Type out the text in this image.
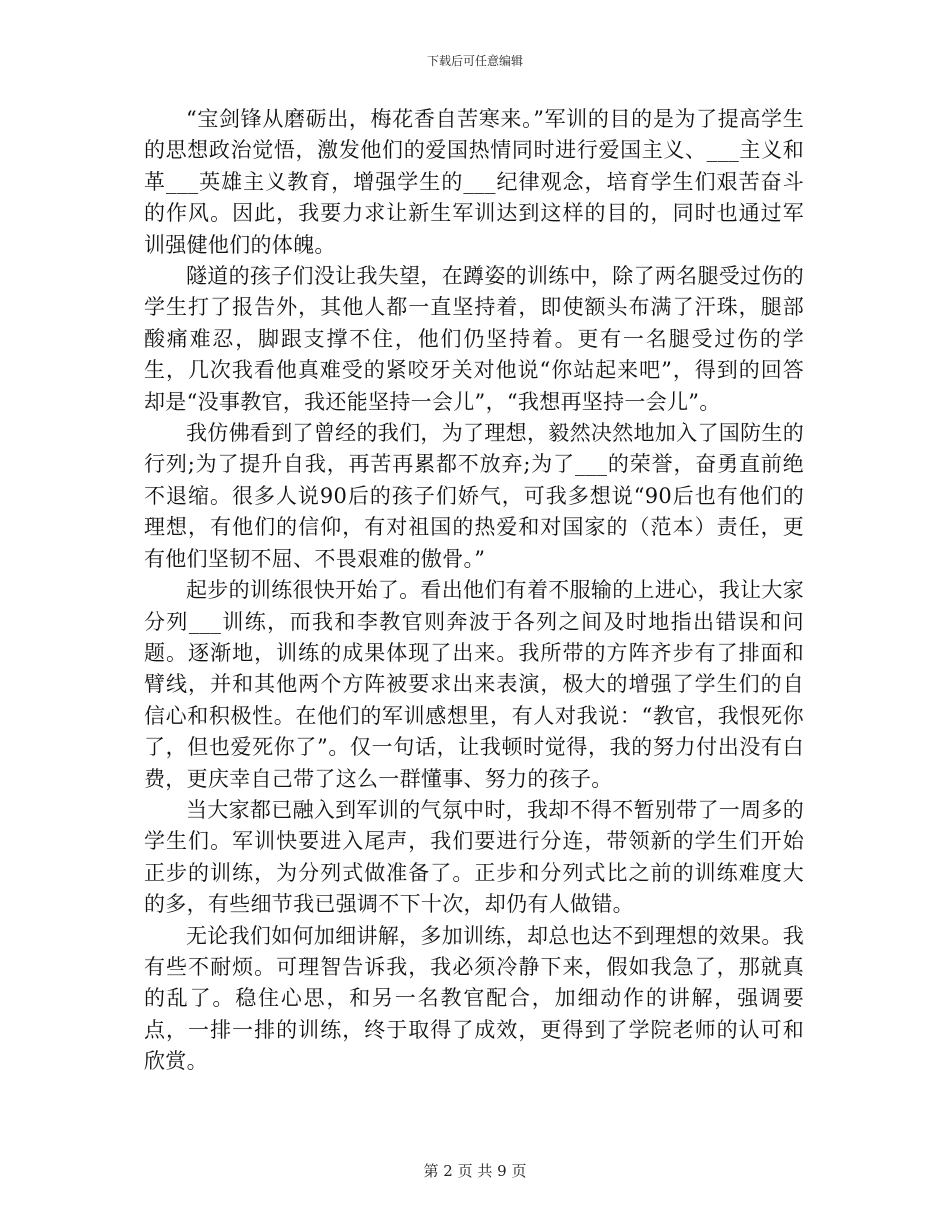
下载后可任意编辑

“宝剑锋从磨砺出，梅花香自苦寒来。”军训的目的是为了提高学生的思想政治觉悟，激发他们的爱国热情同时进行爱国主义、___主义和革___英雄主义教育，增强学生的___纪律观念，培育学生们艰苦奋斗的作风。因此，我要力求让新生军训达到这样的目的，同时也通过军训强健他们的体魄。

隧道的孩子们没让我失望，在蹲姿的训练中，除了两名腿受过伤的学生打了报告外，其他人都一直坚持着，即使额头布满了汗珠，腿部酸痛难忍，脚跟支撑不住，他们仍坚持着。更有一名腿受过伤的学生，几次我看他真难受的紧咬牙关对他说“你站起来吧”，得到的回答却是“没事教官，我还能坚持一会儿”，“我想再坚持一会儿”。

我仿佛看到了曾经的我们，为了理想，毅然决然地加入了国防生的行列;为了提升自我，再苦再累都不放弃;为了___的荣誉，奋勇直前绝不退缩。很多人说90后的孩子们娇气，可我多想说“90后也有他们的理想，有他们的信仰，有对祖国的热爱和对国家的（范本）责任，更有他们坚韧不屈、不畏艰难的傲骨。”

起步的训练很快开始了。看出他们有着不服输的上进心，我让大家分列___训练，而我和李教官则奔波于各列之间及时地指出错误和问题。逐渐地，训练的成果体现了出来。我所带的方阵齐步有了排面和臂线，并和其他两个方阵被要求出来表演，极大的增强了学生们的自信心和积极性。在他们的军训感想里，有人对我说：“教官，我恨死你了，但也爱死你了”。仅一句话，让我顿时觉得，我的努力付出没有白费，更庆幸自己带了这么一群懂事、努力的孩子。

当大家都已融入到军训的气氛中时，我却不得不暂别带了一周多的学生们。军训快要进入尾声，我们要进行分连，带领新的学生们开始正步的训练，为分列式做准备了。正步和分列式比之前的训练难度大的多，有些细节我已强调不下十次，却仍有人做错。

无论我们如何加细讲解，多加训练，却总也达不到理想的效果。我有些不耐烦。可理智告诉我，我必须冷静下来，假如我急了，那就真的乱了。稳住心思，和另一名教官配合，加细动作的讲解，强调要点，一排一排的训练，终于取得了成效，更得到了学院老师的认可和欣赏。

第 2 页 共 9 页
